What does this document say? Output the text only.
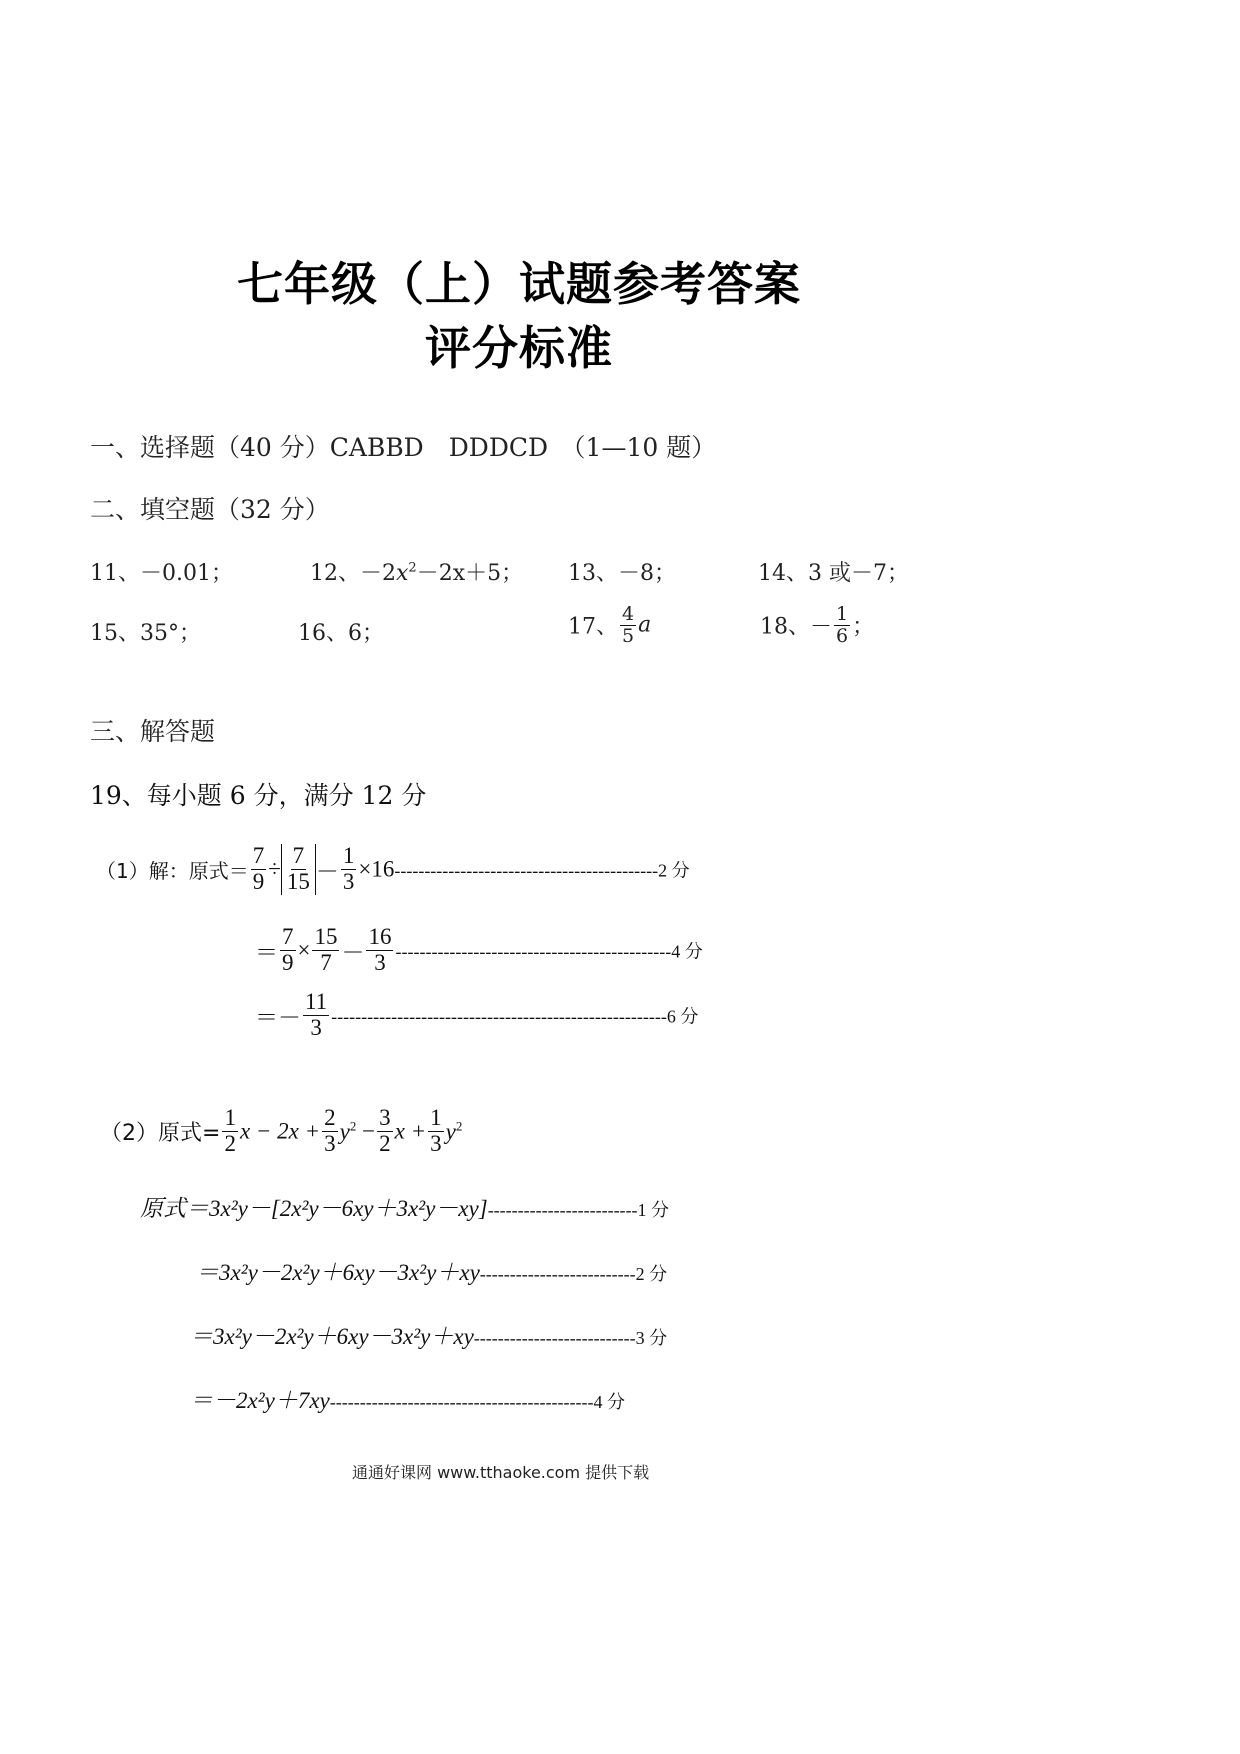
七年级（上）试题参考答案
评分标准
一、选择题（40 分）CABBD　DDDCD　（1—10 题）
二、填空题（32 分）
11、－0.01；	12、$-2x^2-2x+5$； 13、－8；	14、3 或－7；
15、35°；	16、6；	17、 $\frac{4}{5}$ a	18、－ $\frac{1}{6}$ ；
三、解答题
19、每小题 6 分，满分 12 分
（1）解：原式＝ $\frac{7}{9} \div \frac{7}{15} - \frac{1}{3} \times 16--------------------------------------------2$ 分
＝ $\frac{7}{9} \times \frac{15}{7} - \frac{16}{3} ----------------------------------------------4$ 分
＝－ $\frac{11}{3} --------------------------------------------------------6$ 分
（2）原式= $\frac{1}{2}$ $x - 2x + \frac{2}{3} y^2 - \frac{3}{2}$ $x + \frac{1}{3} y^2$
原式＝3x²y－[2x²y－6xy＋3x²y－xy]-------------------------1 分
＝3x²y－2x²y＋6xy－3x²y＋xy--------------------------2 分
＝3x²y－2x²y＋6xy－3x²y＋xy---------------------------3 分
＝－2x²y＋7xy--------------------------------------------4 分
通通好课网 www.tthaoke.com 提供下载
